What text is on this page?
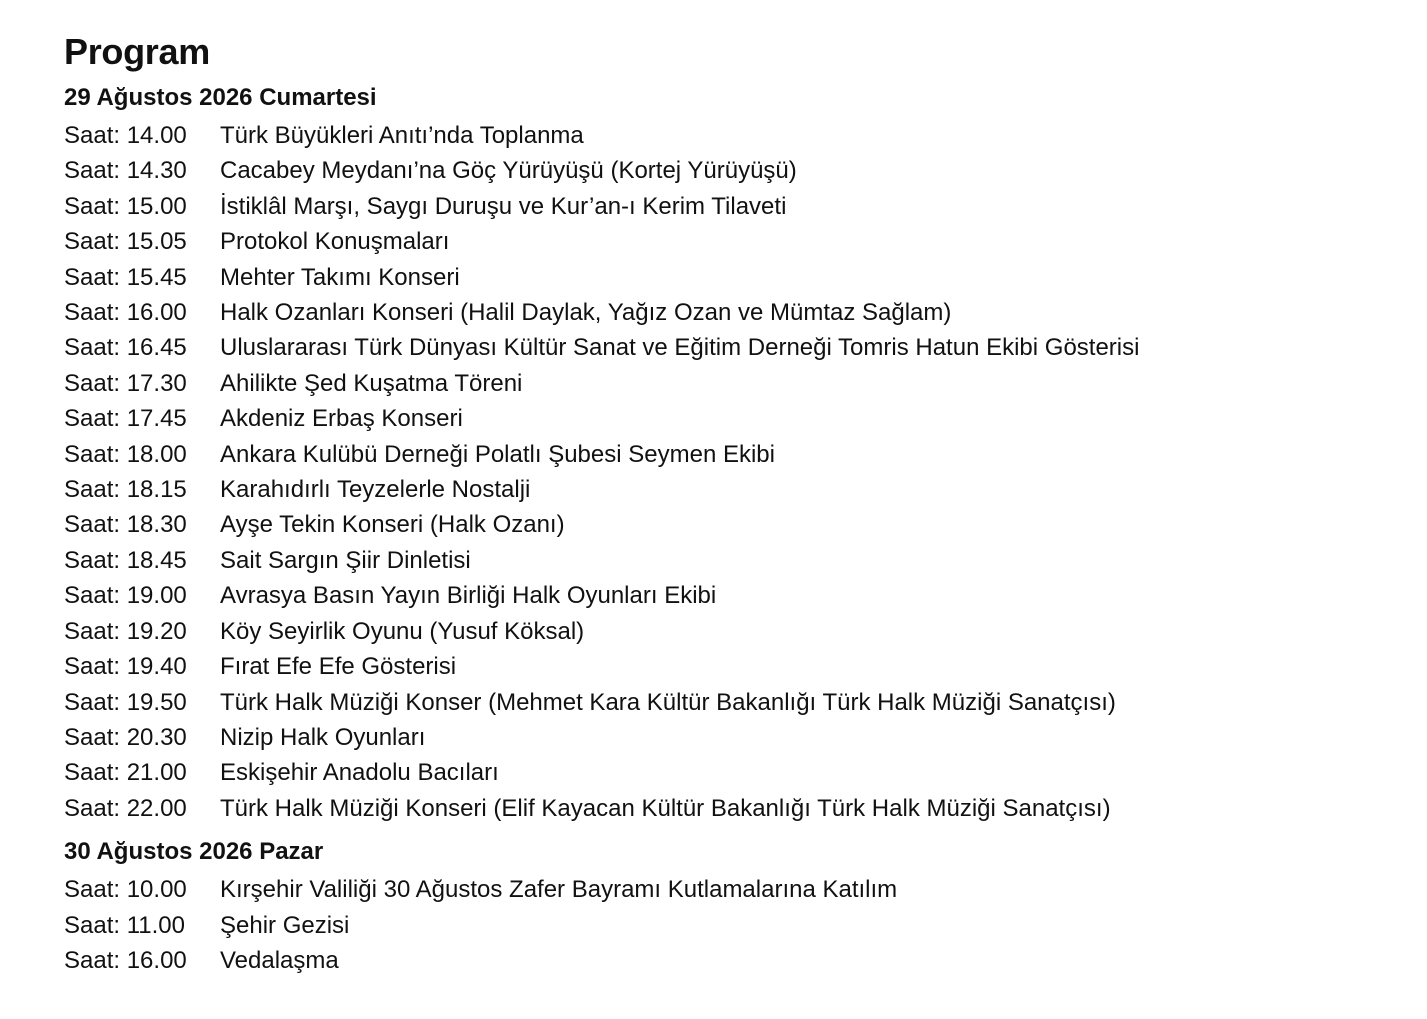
Program
29 Ağustos 2026 Cumartesi
Saat: 14.00	Türk Büyükleri Anıtı’nda Toplanma
Saat: 14.30	Cacabey Meydanı’na Göç Yürüyüşü (Kortej Yürüyüşü)
Saat: 15.00	İstiklâl Marşı, Saygı Duruşu ve Kur’an-ı Kerim Tilaveti
Saat: 15.05	Protokol Konuşmaları
Saat: 15.45	Mehter Takımı Konseri
Saat: 16.00	Halk Ozanları Konseri (Halil Daylak, Yağız Ozan ve Mümtaz Sağlam)
Saat: 16.45	Uluslararası Türk Dünyası Kültür Sanat ve Eğitim Derneği Tomris Hatun Ekibi Gösterisi
Saat: 17.30	Ahilikte Şed Kuşatma Töreni
Saat: 17.45	Akdeniz Erbaş Konseri
Saat: 18.00	Ankara Kulübü Derneği Polatlı Şubesi Seymen Ekibi
Saat: 18.15	Karahıdırlı Teyzelerle Nostalji
Saat: 18.30	Ayşe Tekin Konseri (Halk Ozanı)
Saat: 18.45	Sait Sargın Şiir Dinletisi
Saat: 19.00	Avrasya Basın Yayın Birliği Halk Oyunları Ekibi
Saat: 19.20	Köy Seyirlik Oyunu (Yusuf Köksal)
Saat: 19.40	Fırat Efe Efe Gösterisi
Saat: 19.50	Türk Halk Müziği Konser (Mehmet Kara Kültür Bakanlığı Türk Halk Müziği Sanatçısı)
Saat: 20.30	Nizip Halk Oyunları
Saat: 21.00	Eskişehir Anadolu Bacıları
Saat: 22.00	Türk Halk Müziği Konseri (Elif Kayacan Kültür Bakanlığı Türk Halk Müziği Sanatçısı)
30 Ağustos 2026 Pazar
Saat: 10.00	Kırşehir Valiliği 30 Ağustos Zafer Bayramı Kutlamalarına Katılım
Saat: 11.00	Şehir Gezisi
Saat: 16.00	Vedalaşma
